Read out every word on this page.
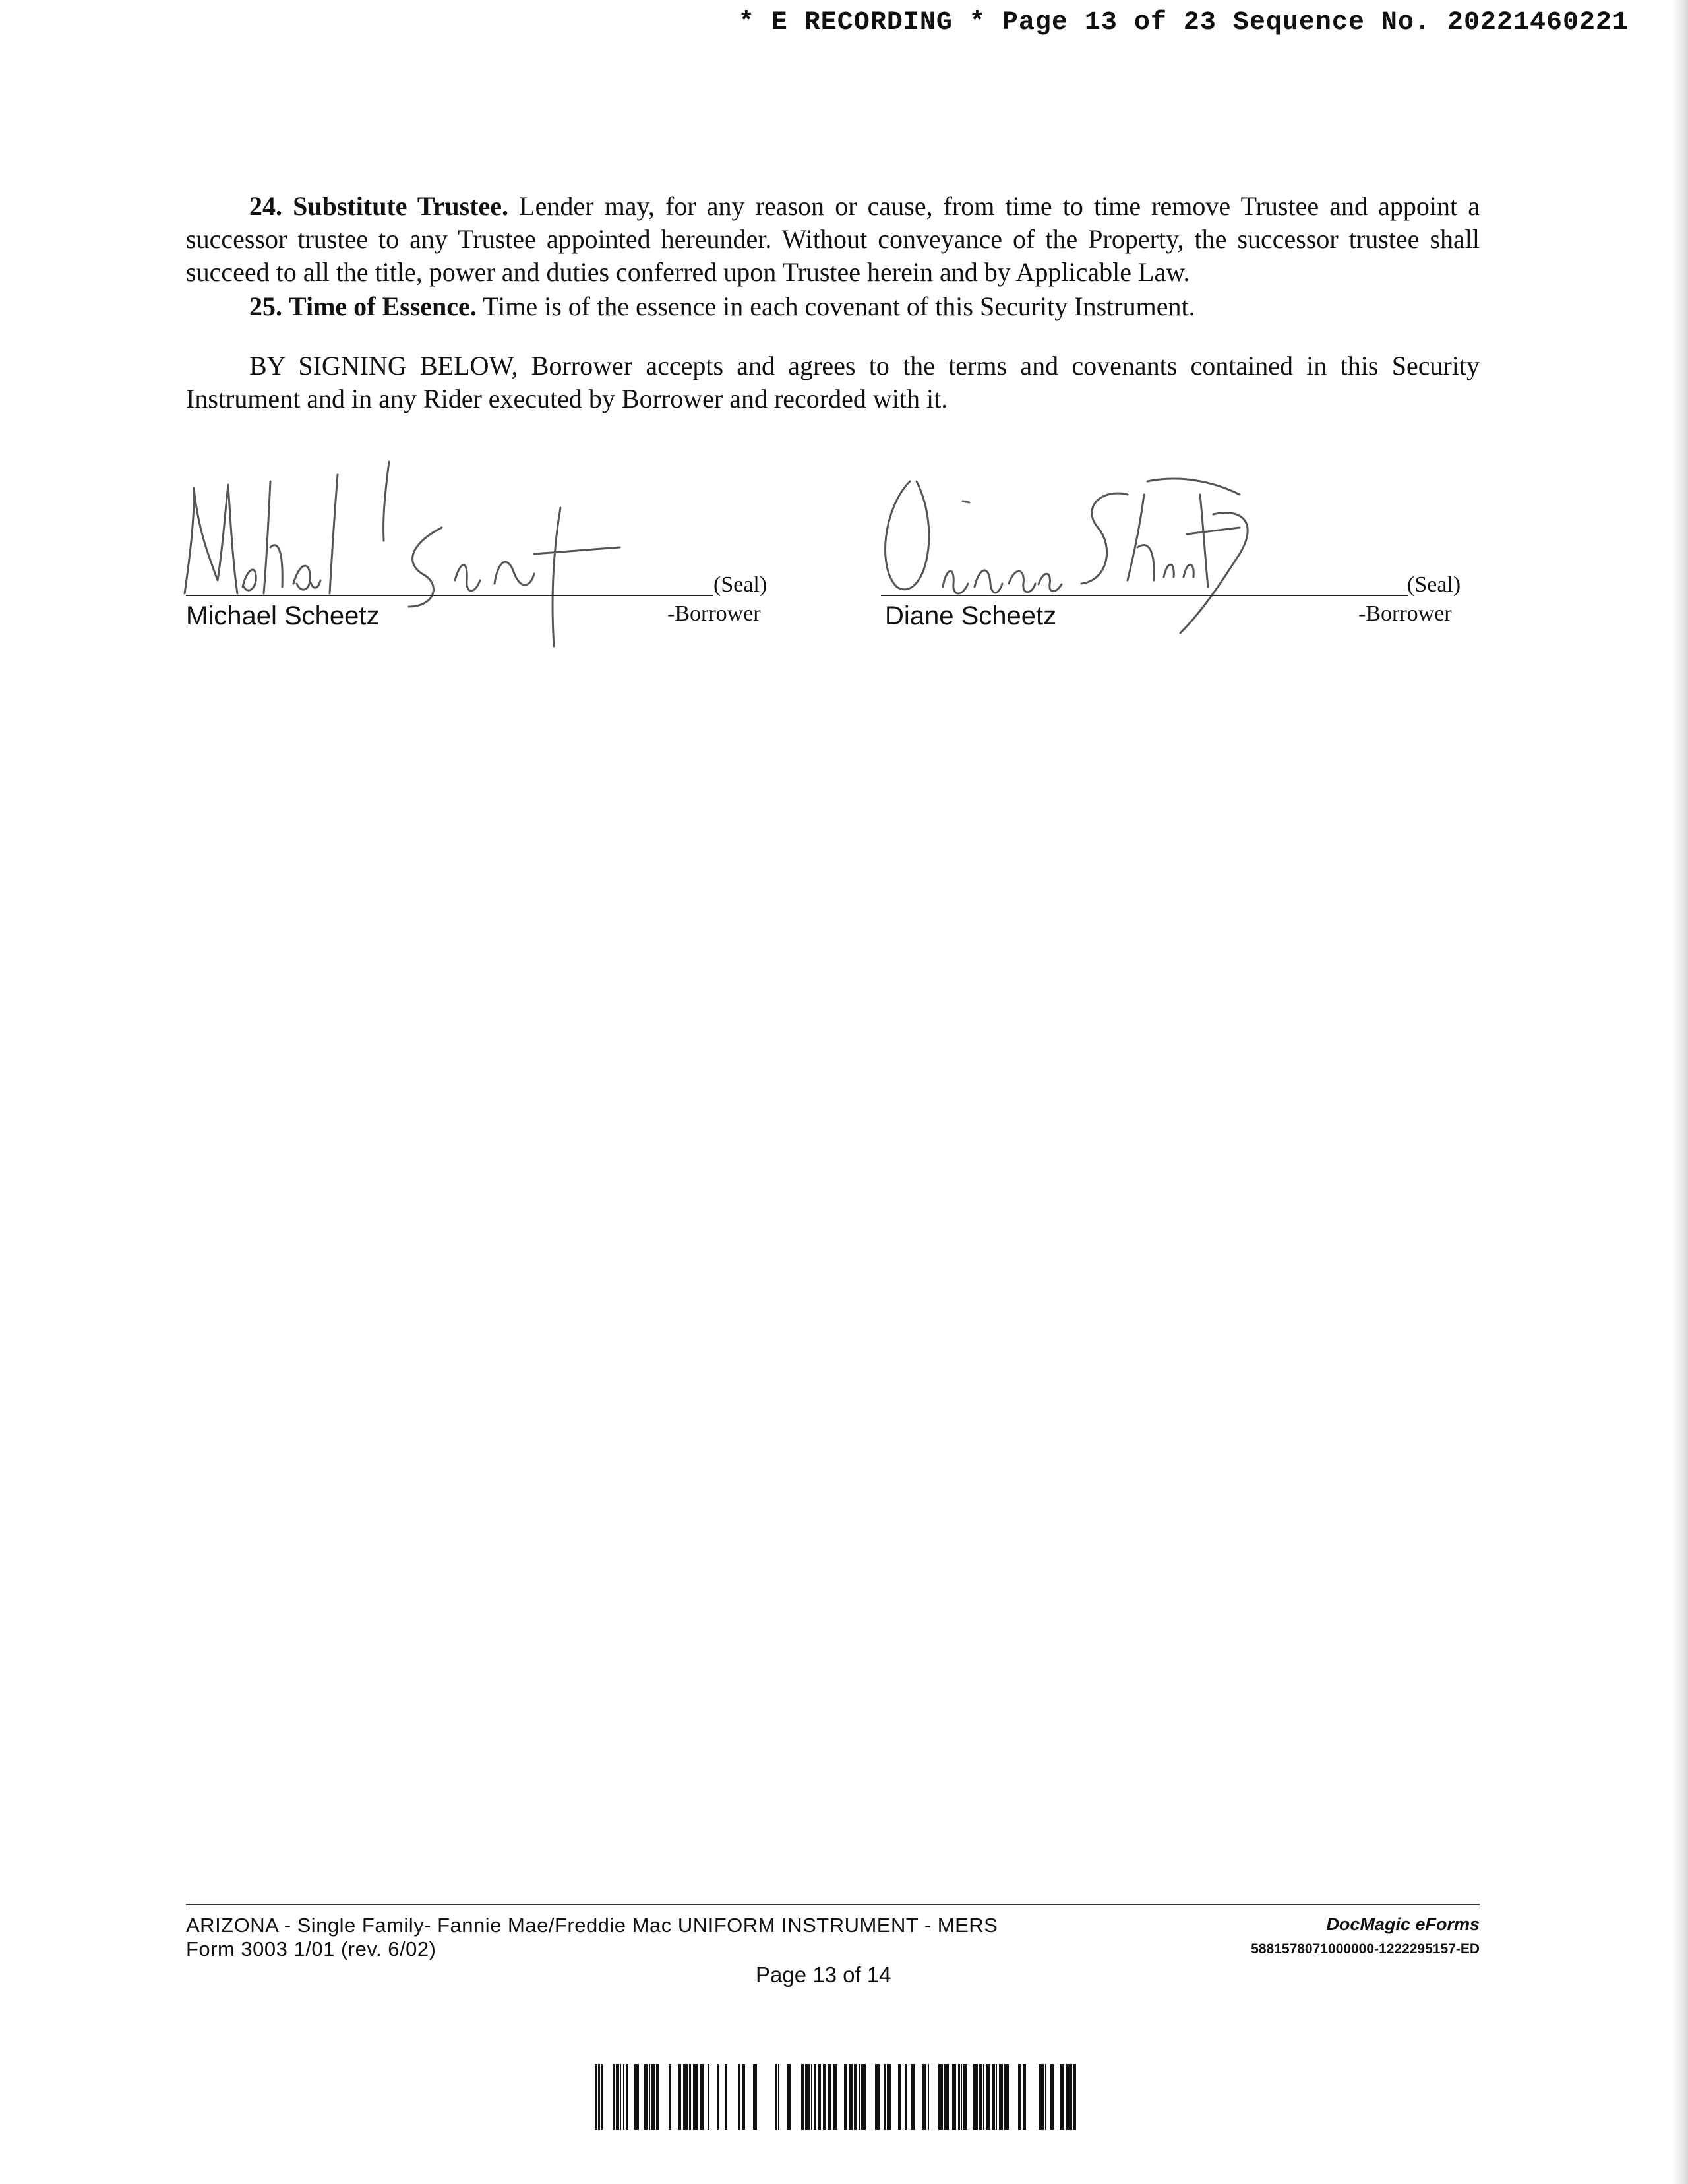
* E RECORDING * Page 13 of 23 Sequence No. 20221460221

24. Substitute Trustee. Lender may, for any reason or cause, from time to time remove Trustee and appoint a successor trustee to any Trustee appointed hereunder. Without conveyance of the Property, the successor trustee shall succeed to all the title, power and duties conferred upon Trustee herein and by Applicable Law.

25. Time of Essence. Time is of the essence in each covenant of this Security Instrument.

BY SIGNING BELOW, Borrower accepts and agrees to the terms and covenants contained in this Security Instrument and in any Rider executed by Borrower and recorded with it.

(Seal)
Michael Scheetz	-Borrower
(Seal)
Diane Scheetz	-Borrower
ARIZONA - Single Family- Fannie Mae/Freddie Mac UNIFORM INSTRUMENT - MERS
Form 3003 1/01 (rev. 6/02)
Page 13 of 14
DocMagic eForms
5881578071000000-1222295157-ED
